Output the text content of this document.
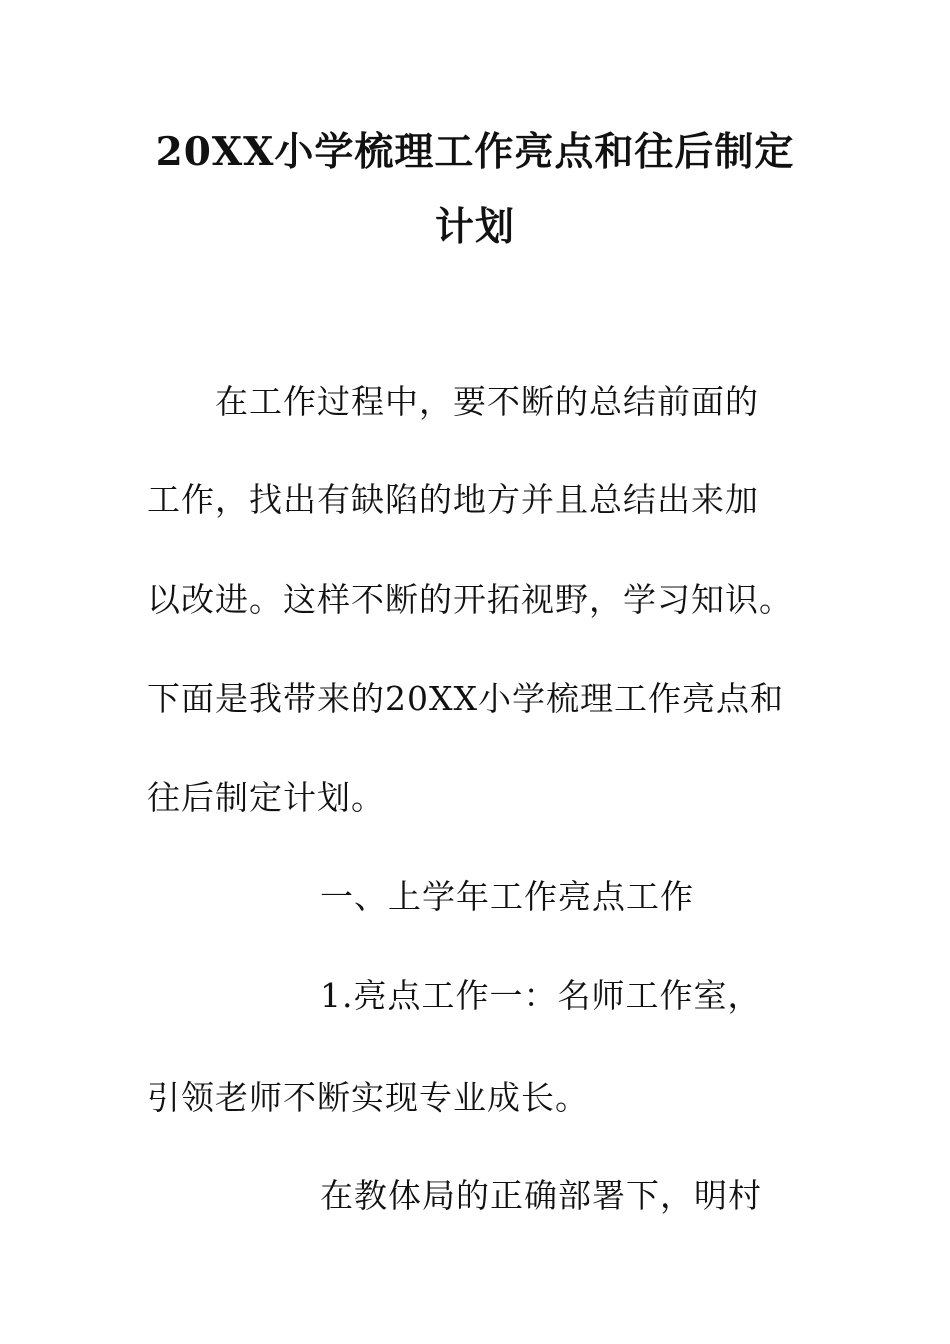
20XX小学梳理工作亮点和往后制定
计划
在工作过程中，要不断的总结前面的
工作，找出有缺陷的地方并且总结出来加
以改进。这样不断的开拓视野，学习知识。
下面是我带来的20XX小学梳理工作亮点和
往后制定计划。
一、上学年工作亮点工作
1.亮点工作一：名师工作室，
引领老师不断实现专业成长。
在教体局的正确部署下，明村
